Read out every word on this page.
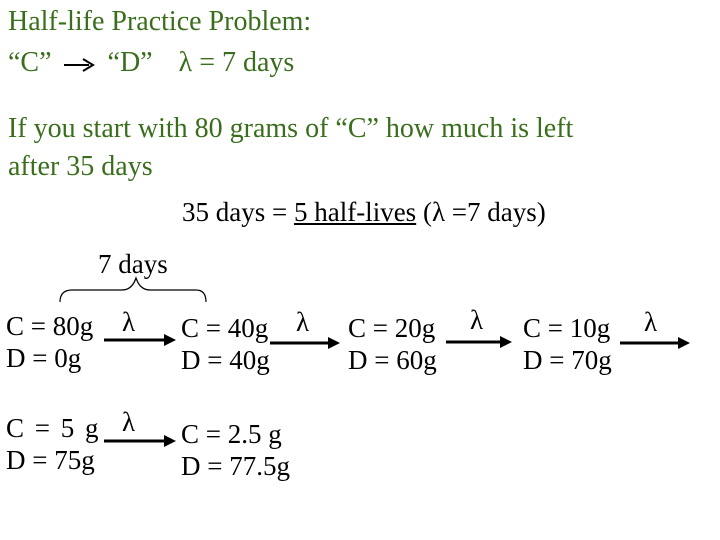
Half-life Practice Problem:
“C” → “D” λ = 7 days
If you start with 80 grams of “C” how much is left
after 35 days
35 days = 5 half-lives (λ =7 days)
7 days
λ	λ	λ	λ
λ
C = 80g
D = 0g
C = 40g
D = 40g
C = 20g
D = 60g
C = 10g
D = 70g
C = 5 g
D = 75g
C = 2.5 g
D = 77.5g
